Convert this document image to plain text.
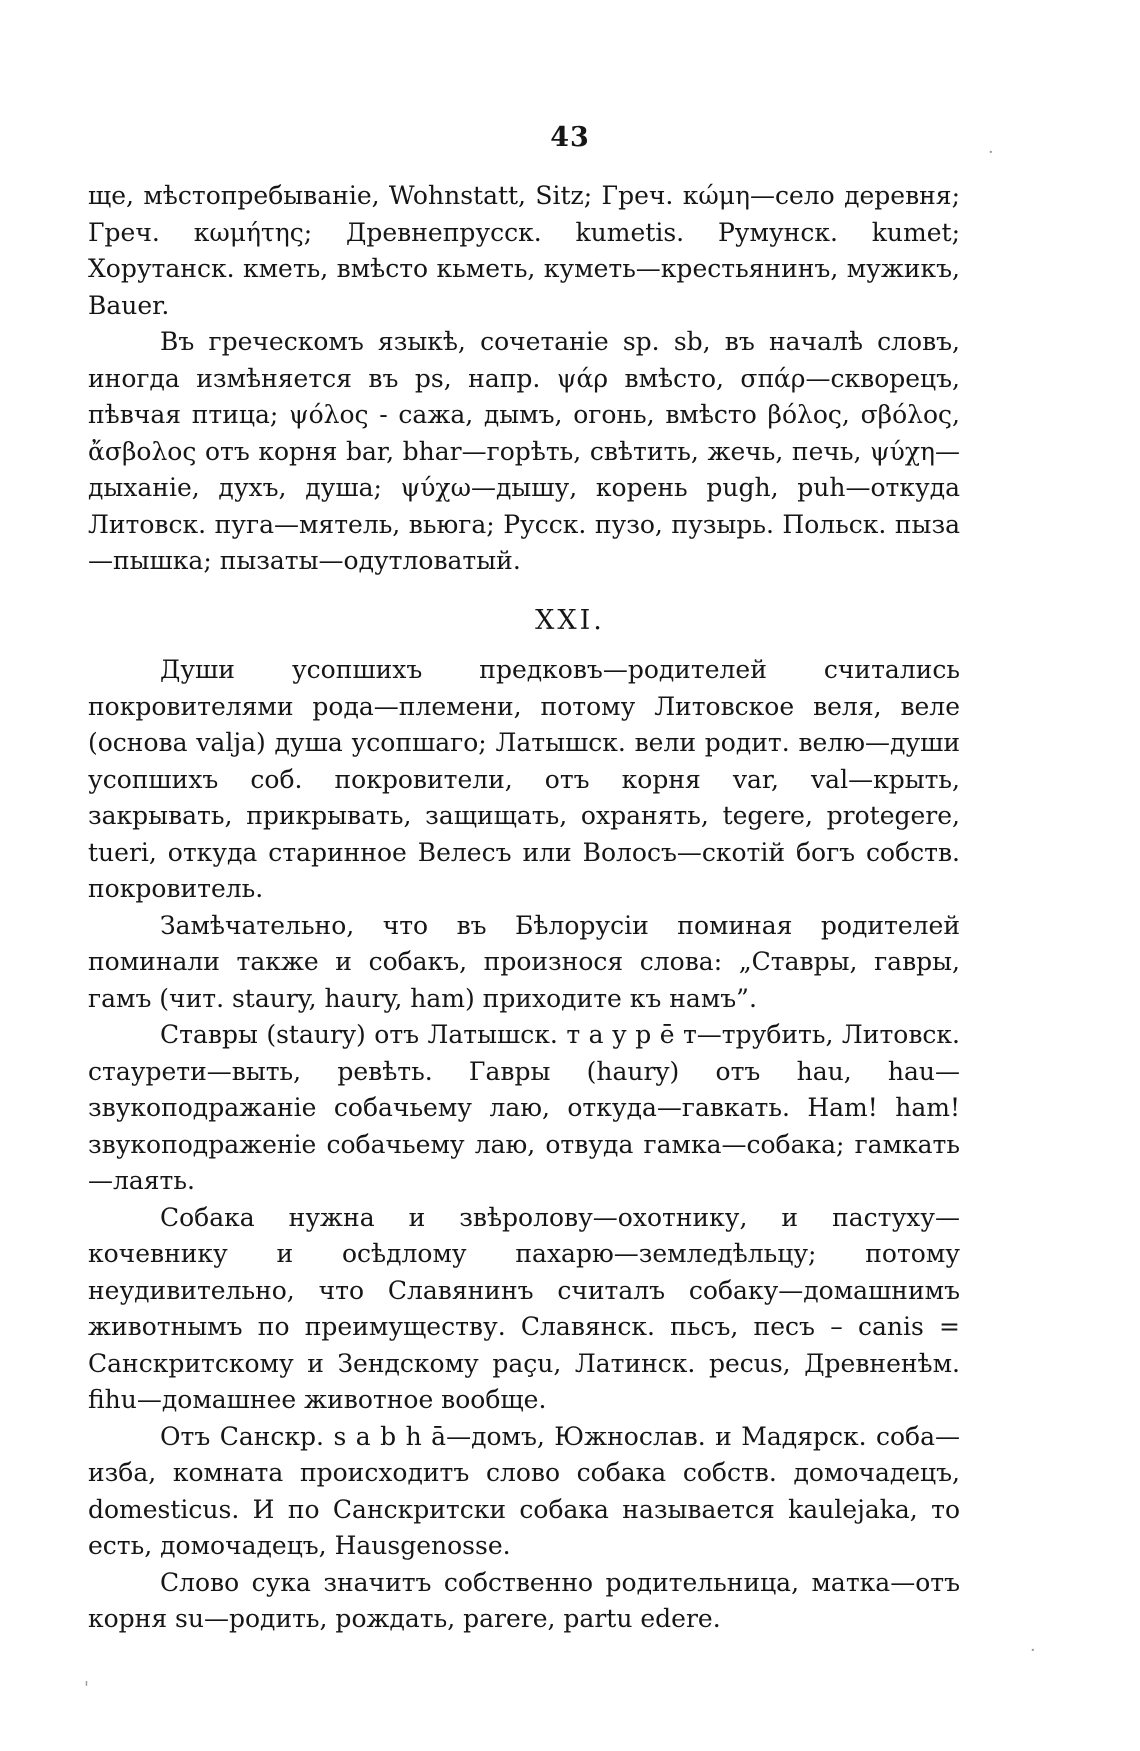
43

ще, мѣстопребываніе, Wohnstatt, Sitz; Греч. κώμη—село деревня; Греч. κωμήτης; Древнепрусск. kumetis. Румунск. kumet; Хорутанск. кметь, вмѣсто кьметь, куметь—крестьянинъ, мужикъ, Bauer.

Въ греческомъ языкѣ, сочетаніе sp. sb, въ началѣ словъ, иногда измѣняется въ ps, напр. ψάρ вмѣсто, σπάρ—скворецъ, пѣвчая птица; ψόλος - сажа, дымъ, огонь, вмѣсто βόλος, σβόλος, ἄσβολος отъ корня bar, bhar—горѣть, свѣтить, жечь, печь, ψύχη—дыханіе, духъ, душа; ψύχω—дышу, корень pugh, puh—откуда Литовск. пуга—мятель, вьюга; Русск. пузо, пузырь. Польск. пыза—пышка; пызаты—одутловатый.

XXI.

Души усопшихъ предковъ—родителей считались покровителями рода—племени, потому Литовское веля, веле (основа valja) душа усопшаго; Латышск. вели родит. велю—души усопшихъ соб. покровители, отъ корня var, val—крыть, закрывать, прикрывать, защищать, охранять, tegere, protegere, tueri, откуда старинное Велесъ или Волосъ—скотій богъ собств. покровитель.

Замѣчательно, что въ Бѣлорусіи поминая родителей поминали также и собакъ, произнося слова: „Ставры, гавры, гамъ (чит. staury, haury, ham) приходите къ намъ”.

Ставры (staury) отъ Латышск. т а у р ē т—трубить, Литовск. стаурети—выть, ревѣть. Гавры (haury) отъ hau, hau—звукоподражаніе собачьему лаю, откуда—гавкать. Ham! ham! звукоподраженіе собачьему лаю, отвуда гамка—собака; гамкать—лаять.

Собака нужна и звѣролову—охотнику, и пастуху—кочевнику и осѣдлому пахарю—земледѣльцу; потому неудивительно, что Славянинъ считалъ собаку—домашнимъ животнымъ по преимуществу. Славянск. пьсъ, песъ – canis = Санскритскому и Зендскому paçu, Латинск. pecus, Древненѣм. fihu—домашнее животное вообще.

Отъ Санскр. s a b h ā—домъ, Южнослав. и Мадярск. соба—изба, комната происходитъ слово собака собств. домочадецъ, domesticus. И по Санскритски собака называется kaulejaka, то есть, домочадецъ, Hausgenosse.

Слово сука значитъ собственно родительница, матка—отъ корня su—родить, рождать, parere, partu edere.

·
·
'
